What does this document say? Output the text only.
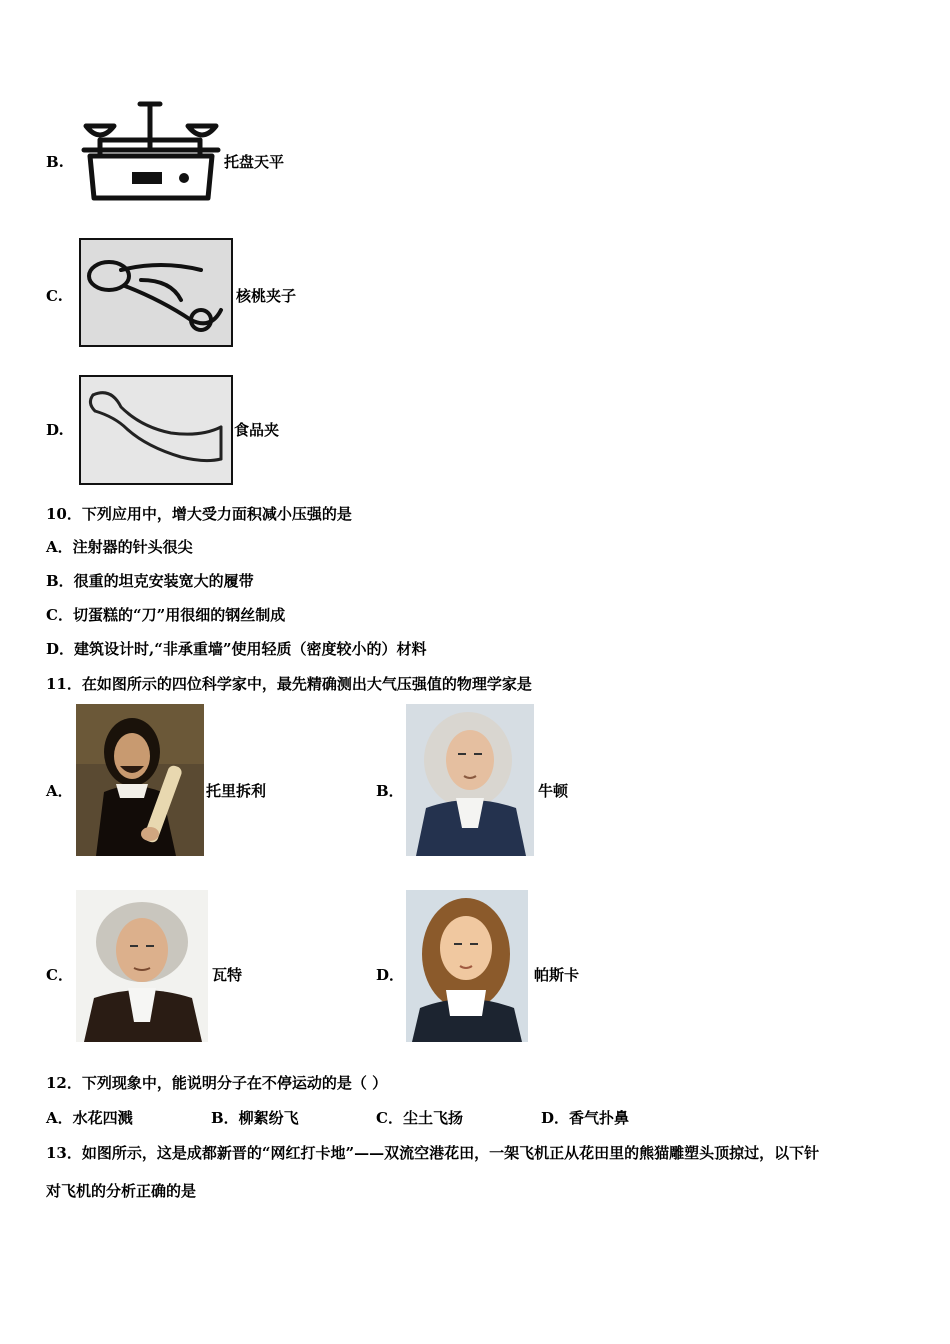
B.	托盘天平
C.	核桃夹子
D.	食品夹
10．下列应用中，增大受力面积减小压强的是
A．注射器的针头很尖
B．很重的坦克安装宽大的履带
C．切蛋糕的“刀”用很细的钢丝制成
D．建筑设计时,“非承重墙”使用轻质（密度较小的）材料
11．在如图所示的四位科学家中，最先精确测出大气压强值的物理学家是
A．	托里拆利	B．	牛顿
C．	瓦特	D．	帕斯卡
12．下列现象中，能说明分子在不停运动的是（ ）
A．水花四溅	B．柳絮纷飞	C．尘土飞扬	D．香气扑鼻
13．如图所示，这是成都新晋的“网红打卡地”——双流空港花田，一架飞机正从花田里的熊猫雕塑头顶掠过，以下针
对飞机的分析正确的是
